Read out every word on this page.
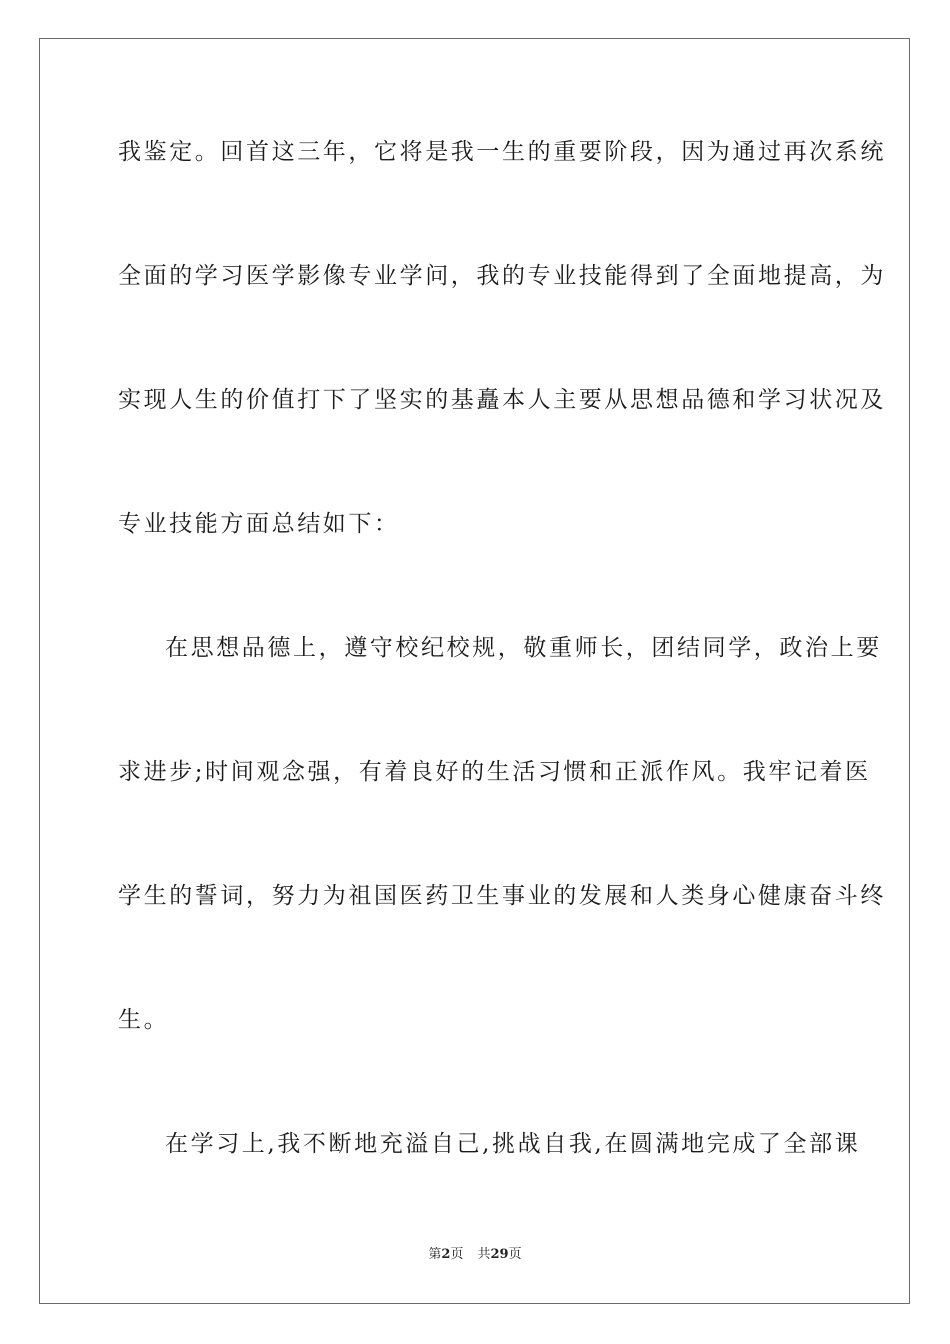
我鉴定。回首这三年，它将是我一生的重要阶段，因为通过再次系统
全面的学习医学影像专业学问，我的专业技能得到了全面地提高，为
实现人生的价值打下了坚实的基矗本人主要从思想品德和学习状况及
专业技能方面总结如下：
在思想品德上，遵守校纪校规，敬重师长，团结同学，政治上要
求进步;时间观念强，有着良好的生活习惯和正派作风。我牢记着医
学生的誓词，努力为祖国医药卫生事业的发展和人类身心健康奋斗终
生。
在学习上,我不断地充溢自己,挑战自我,在圆满地完成了全部课
第2页 共29页
